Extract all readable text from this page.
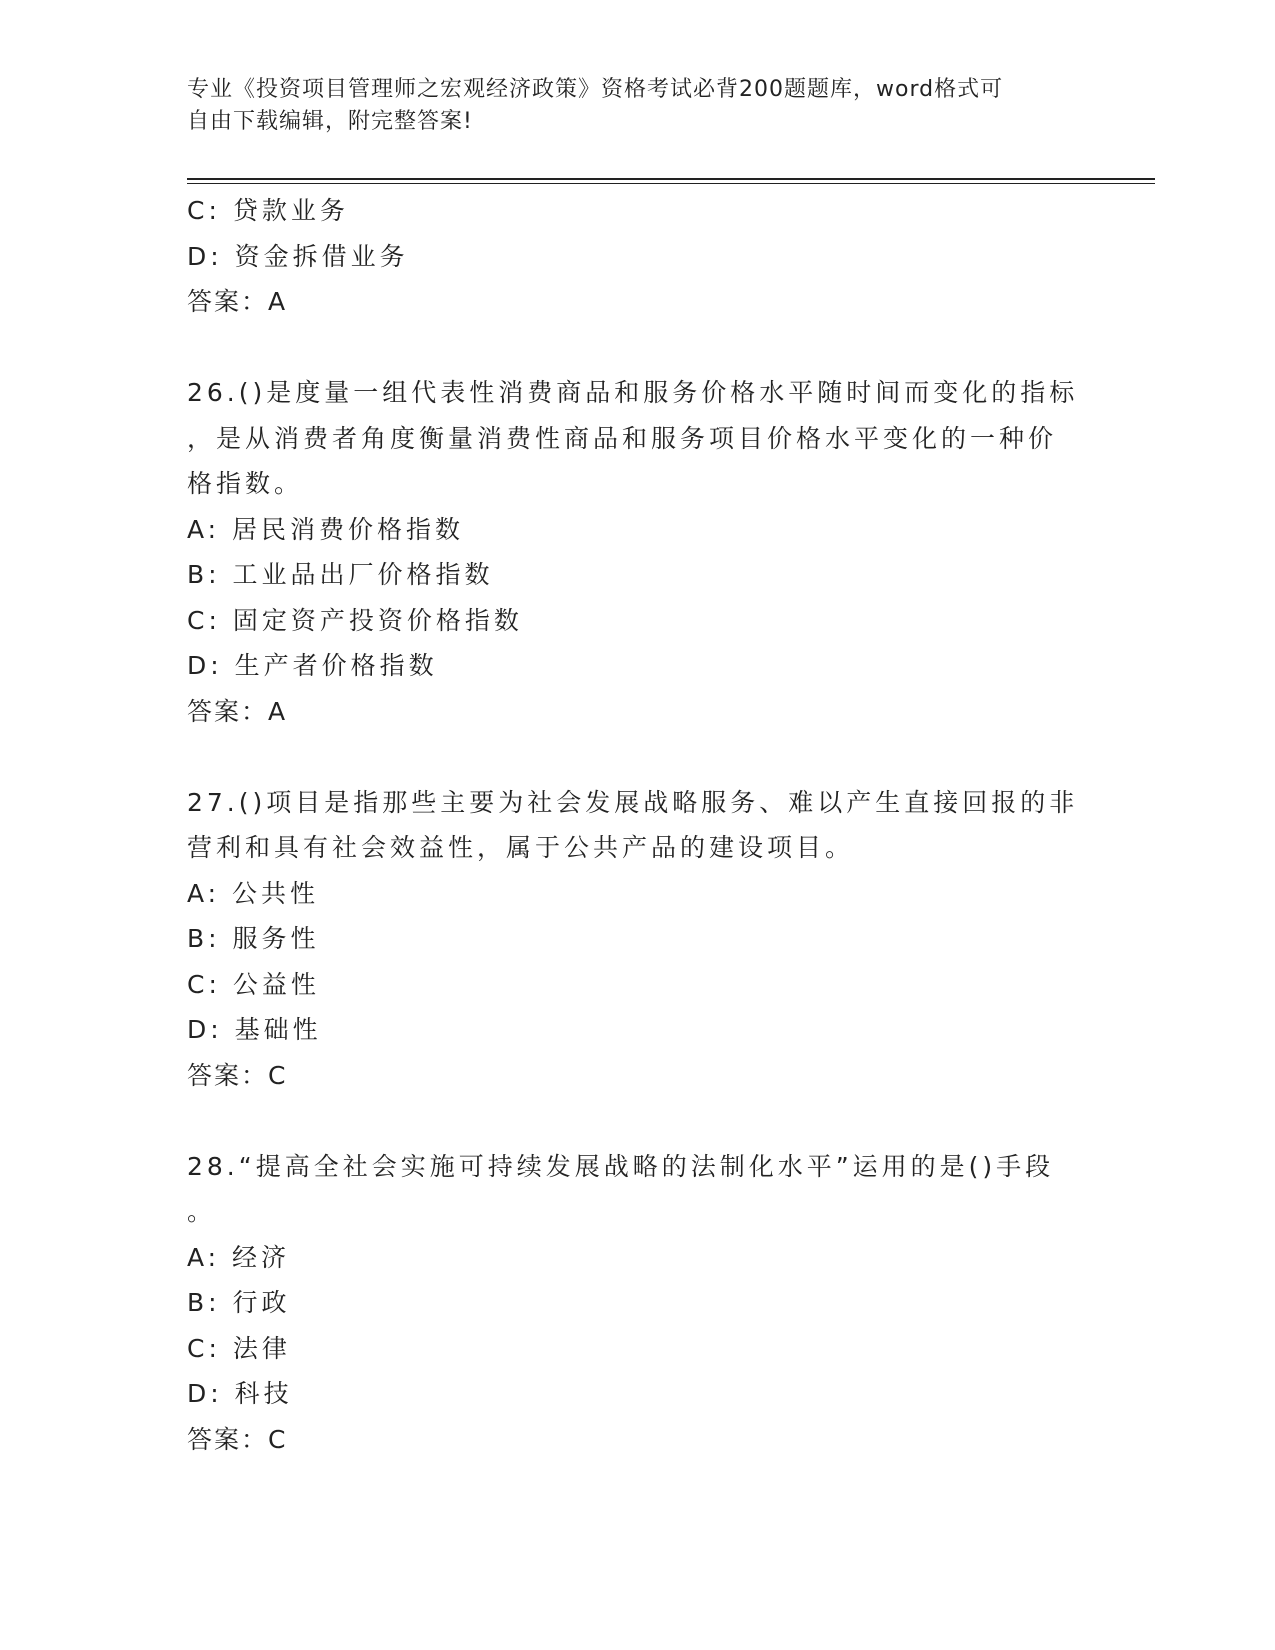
专业《投资项目管理师之宏观经济政策》资格考试必背200题题库，word格式可
自由下载编辑，附完整答案!
C: 贷款业务
D: 资金拆借业务
答案：A
26.()是度量一组代表性消费商品和服务价格水平随时间而变化的指标
，是从消费者角度衡量消费性商品和服务项目价格水平变化的一种价
格指数。
A: 居民消费价格指数
B: 工业品出厂价格指数
C: 固定资产投资价格指数
D: 生产者价格指数
答案：A
27.()项目是指那些主要为社会发展战略服务、难以产生直接回报的非
营利和具有社会效益性，属于公共产品的建设项目。
A: 公共性
B: 服务性
C: 公益性
D: 基础性
答案：C
28.“提高全社会实施可持续发展战略的法制化水平”运用的是()手段
。
A: 经济
B: 行政
C: 法律
D: 科技
答案：C
